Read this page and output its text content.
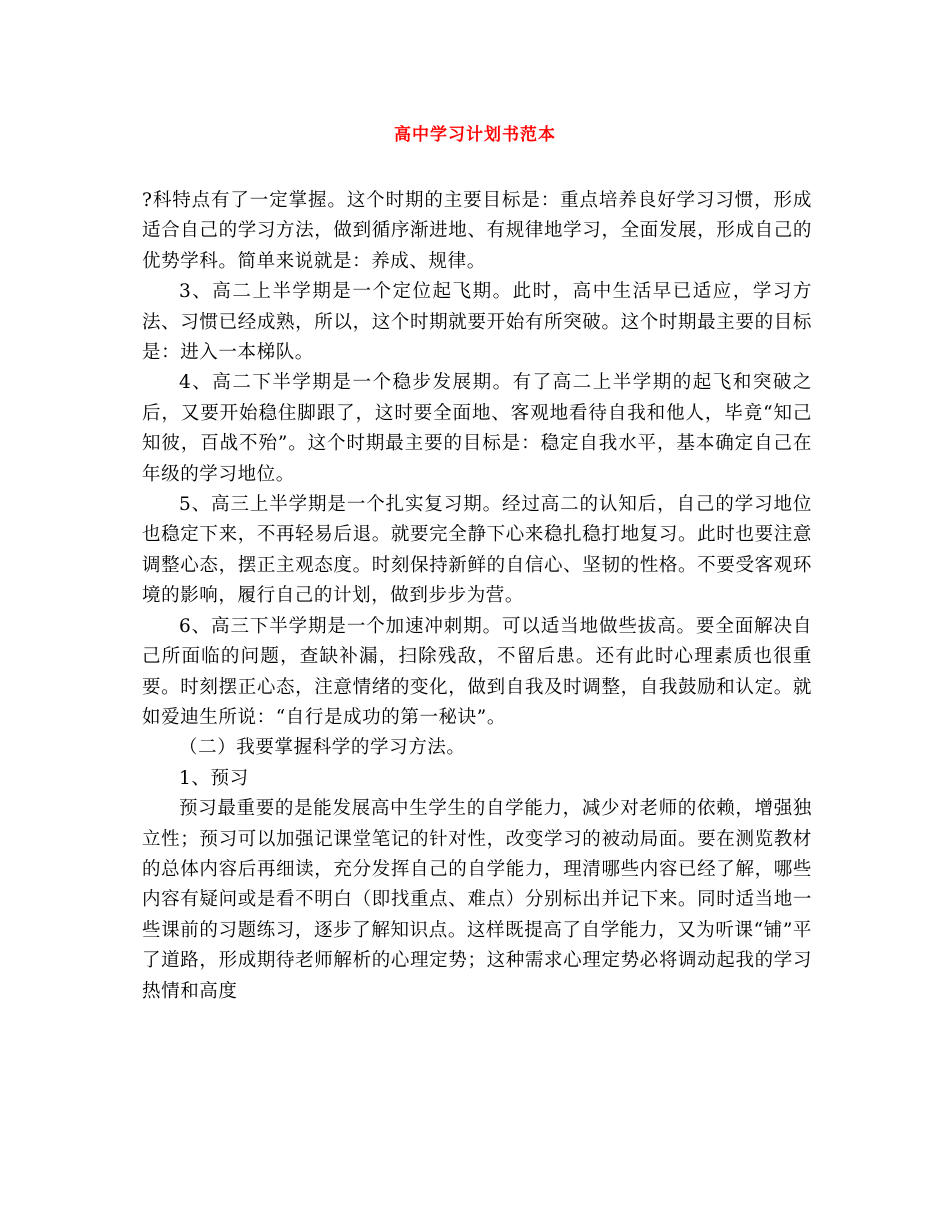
高中学习计划书范本

?科特点有了一定掌握。这个时期的主要目标是：重点培养良好学习习惯，形成适合自己的学习方法，做到循序渐进地、有规律地学习，全面发展，形成自己的优势学科。简单来说就是：养成、规律。

3、高二上半学期是一个定位起飞期。此时，高中生活早已适应，学习方法、习惯已经成熟，所以，这个时期就要开始有所突破。这个时期最主要的目标是：进入一本梯队。

4、高二下半学期是一个稳步发展期。有了高二上半学期的起飞和突破之后，又要开始稳住脚跟了，这时要全面地、客观地看待自我和他人，毕竟“知己知彼，百战不殆”。这个时期最主要的目标是：稳定自我水平，基本确定自己在年级的学习地位。

5、高三上半学期是一个扎实复习期。经过高二的认知后，自己的学习地位也稳定下来，不再轻易后退。就要完全静下心来稳扎稳打地复习。此时也要注意调整心态，摆正主观态度。时刻保持新鲜的自信心、坚韧的性格。不要受客观环境的影响，履行自己的计划，做到步步为营。

6、高三下半学期是一个加速冲刺期。可以适当地做些拔高。要全面解决自己所面临的问题，查缺补漏，扫除残敌，不留后患。还有此时心理素质也很重要。时刻摆正心态，注意情绪的变化，做到自我及时调整，自我鼓励和认定。就如爱迪生所说：“自行是成功的第一秘诀”。

（二）我要掌握科学的学习方法。

1、预习

预习最重要的是能发展高中生学生的自学能力，减少对老师的依赖，增强独立性；预习可以加强记课堂笔记的针对性，改变学习的被动局面。要在测览教材的总体内容后再细读，充分发挥自己的自学能力，理清哪些内容已经了解，哪些内容有疑问或是看不明白（即找重点、难点）分别标出并记下来。同时适当地一些课前的习题练习，逐步了解知识点。这样既提高了自学能力，又为听课“铺”平了道路，形成期待老师解析的心理定势；这种需求心理定势必将调动起我的学习热情和高度
